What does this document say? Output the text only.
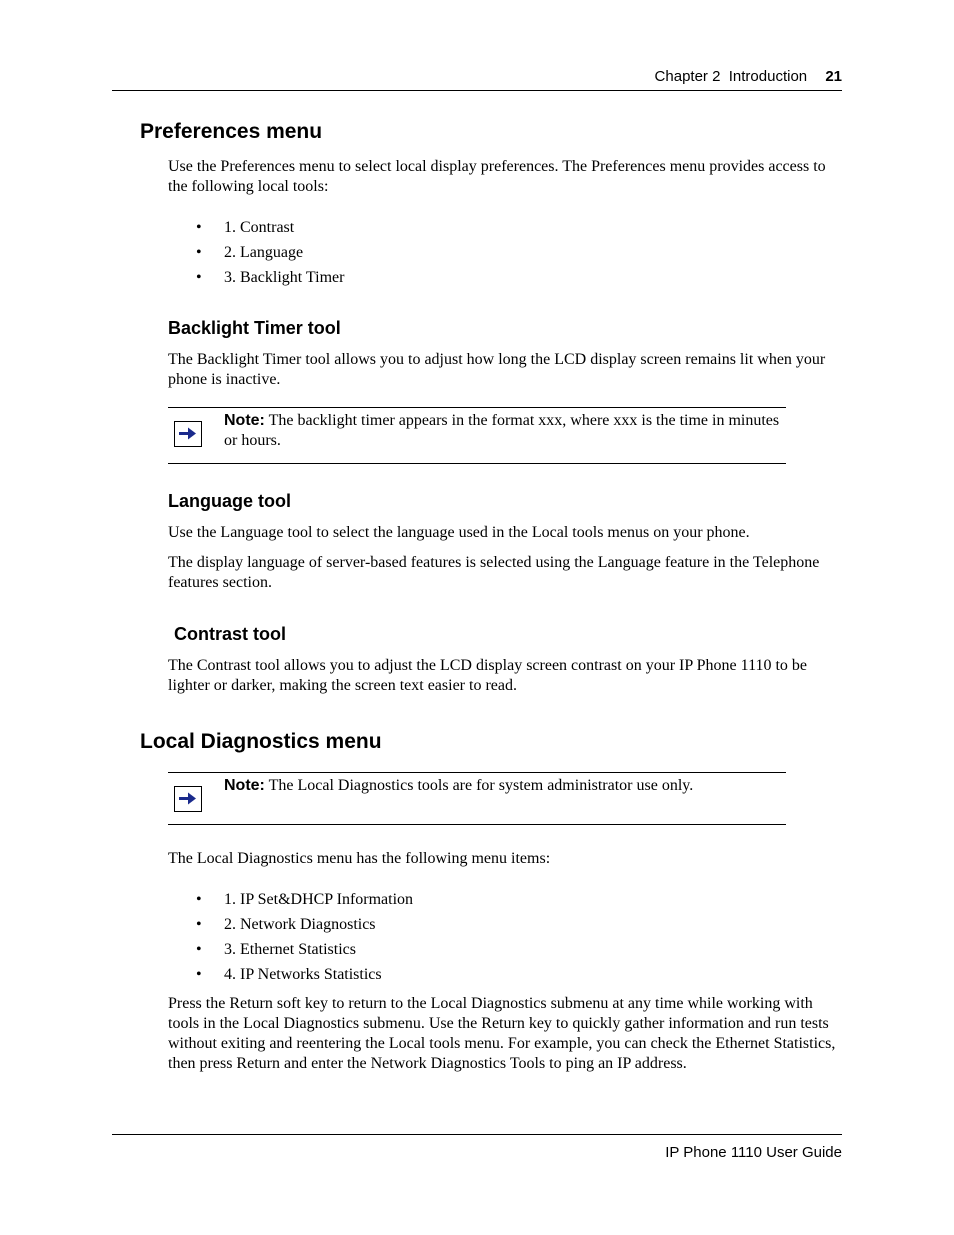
Chapter 2  Introduction 21
Preferences menu

Use the Preferences menu to select local display preferences. The Preferences menu provides access to the following local tools:

• 1. Contrast
• 2. Language
• 3. Backlight Timer
Backlight Timer tool

The Backlight Timer tool allows you to adjust how long the LCD display screen remains lit when your phone is inactive.

Note: The backlight timer appears in the format xxx, where xxx is the time in minutes or hours.
Language tool

Use the Language tool to select the language used in the Local tools menus on your phone.

The display language of server-based features is selected using the Language feature in the Telephone features section.

Contrast tool

The Contrast tool allows you to adjust the LCD display screen contrast on your IP Phone 1110 to be lighter or darker, making the screen text easier to read.

Local Diagnostics menu
Note: The Local Diagnostics tools are for system administrator use only.

The Local Diagnostics menu has the following menu items:

• 1. IP Set&DHCP Information
• 2. Network Diagnostics
• 3. Ethernet Statistics
• 4. IP Networks Statistics

Press the Return soft key to return to the Local Diagnostics submenu at any time while working with tools in the Local Diagnostics submenu. Use the Return key to quickly gather information and run tests without exiting and reentering the Local tools menu. For example, you can check the Ethernet Statistics, then press Return and enter the Network Diagnostics Tools to ping an IP address.

IP Phone 1110 User Guide
